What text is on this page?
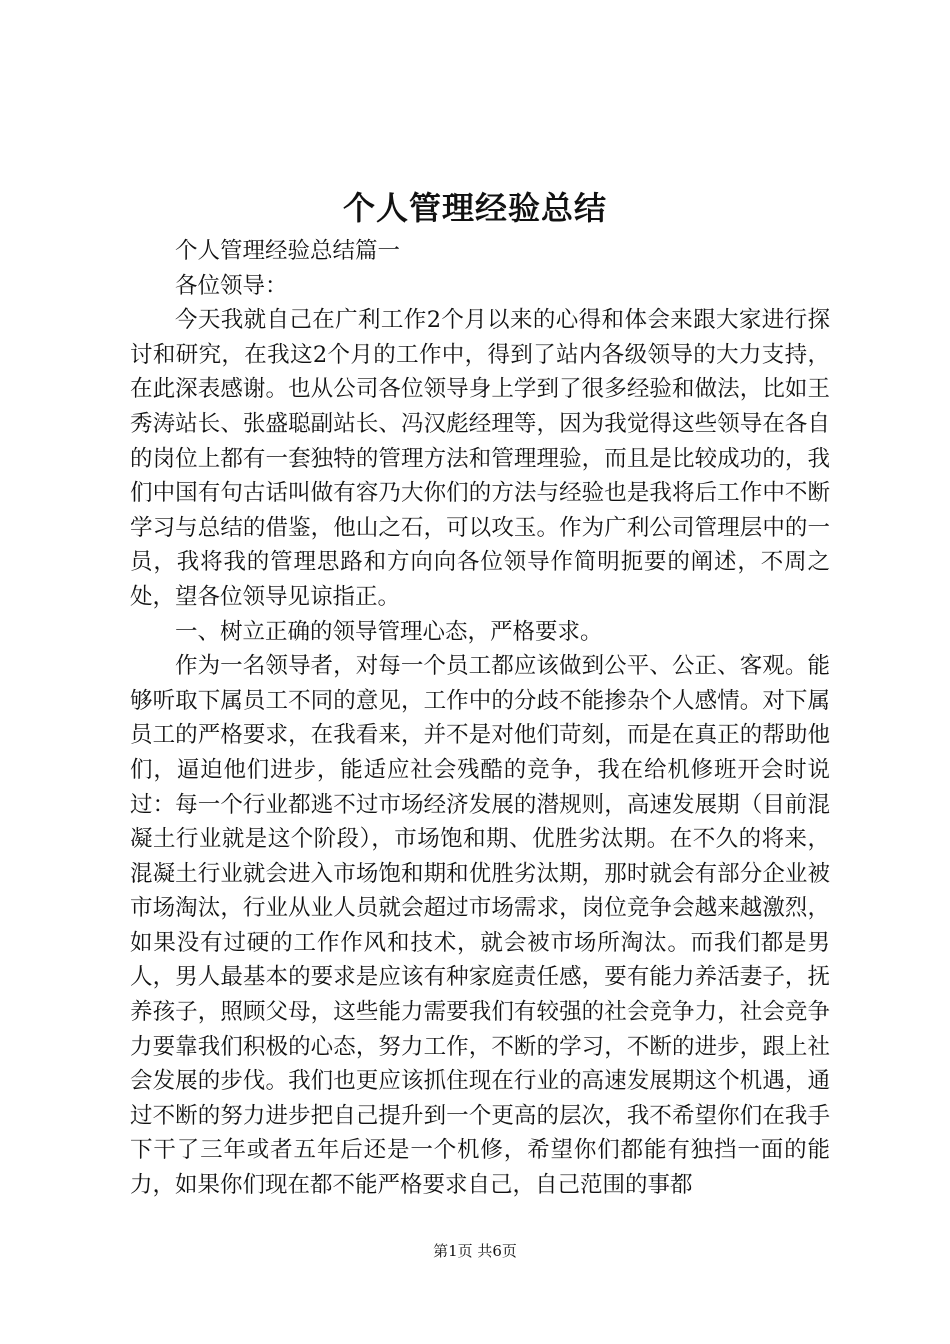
个人管理经验总结

个人管理经验总结篇一

各位领导：

今天我就自己在广利工作2个月以来的心得和体会来跟大家进行探讨和研究，在我这2个月的工作中，得到了站内各级领导的大力支持，在此深表感谢。也从公司各位领导身上学到了很多经验和做法，比如王秀涛站长、张盛聪副站长、冯汉彪经理等，因为我觉得这些领导在各自的岗位上都有一套独特的管理方法和管理理验，而且是比较成功的，我们中国有句古话叫做有容乃大你们的方法与经验也是我将后工作中不断学习与总结的借鉴，他山之石，可以攻玉。作为广利公司管理层中的一员，我将我的管理思路和方向向各位领导作简明扼要的阐述，不周之处，望各位领导见谅指正。

一、树立正确的领导管理心态，严格要求。

作为一名领导者，对每一个员工都应该做到公平、公正、客观。能够听取下属员工不同的意见，工作中的分歧不能掺杂个人感情。对下属员工的严格要求，在我看来，并不是对他们苛刻，而是在真正的帮助他们，逼迫他们进步，能适应社会残酷的竞争，我在给机修班开会时说过：每一个行业都逃不过市场经济发展的潜规则，高速发展期（目前混凝土行业就是这个阶段），市场饱和期、优胜劣汰期。在不久的将来，混凝土行业就会进入市场饱和期和优胜劣汰期，那时就会有部分企业被市场淘汰，行业从业人员就会超过市场需求，岗位竞争会越来越激烈，如果没有过硬的工作作风和技术，就会被市场所淘汰。而我们都是男人，男人最基本的要求是应该有种家庭责任感，要有能力养活妻子，抚养孩子，照顾父母，这些能力需要我们有较强的社会竞争力，社会竞争力要靠我们积极的心态，努力工作，不断的学习，不断的进步，跟上社会发展的步伐。我们也更应该抓住现在行业的高速发展期这个机遇，通过不断的努力进步把自己提升到一个更高的层次，我不希望你们在我手下干了三年或者五年后还是一个机修，希望你们都能有独挡一面的能力，如果你们现在都不能严格要求自己，自己范围的事都

第1页 共6页
